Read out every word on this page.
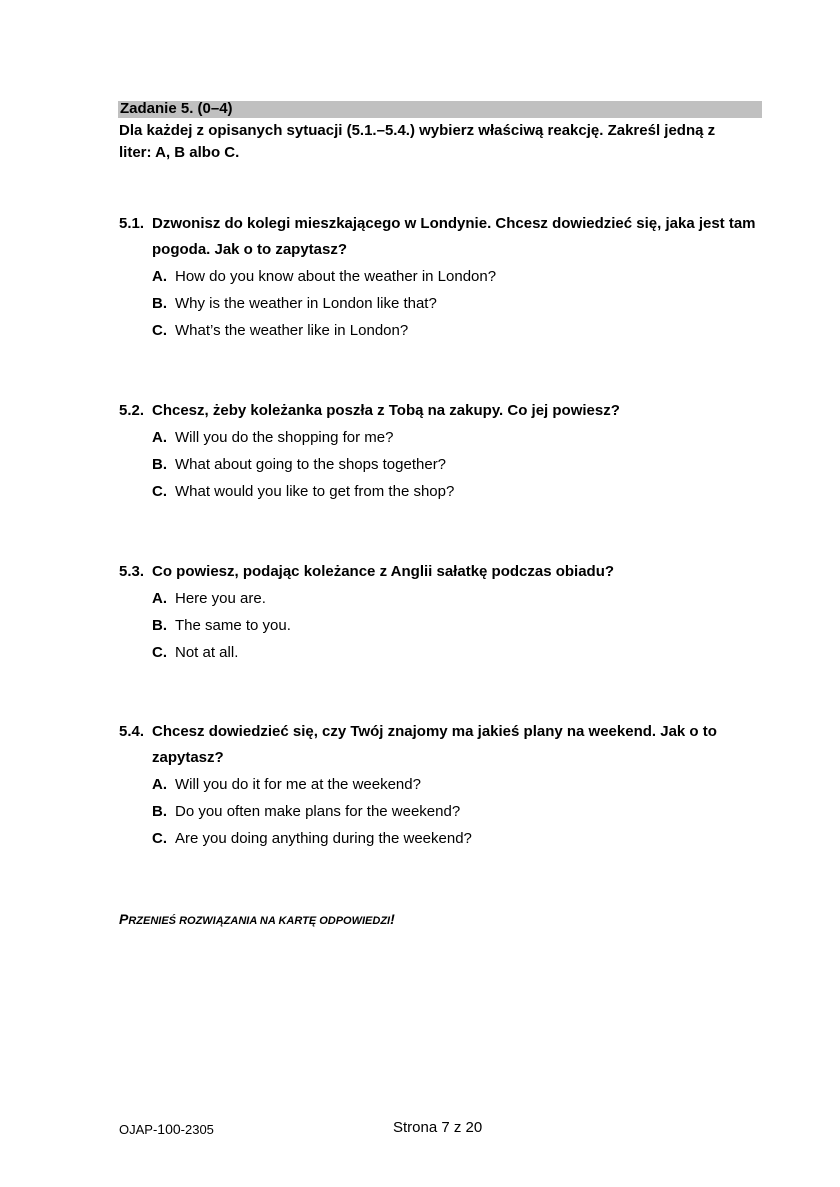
Zadanie 5. (0–4)
Dla każdej z opisanych sytuacji (5.1.–5.4.) wybierz właściwą reakcję. Zakreśl jedną z liter: A, B albo C.
5.1. Dzwonisz do kolegi mieszkającego w Londynie. Chcesz dowiedzieć się, jaka jest tam pogoda. Jak o to zapytasz?
A. How do you know about the weather in London?
B. Why is the weather in London like that?
C. What’s the weather like in London?
5.2. Chcesz, żeby koleżanka poszła z Tobą na zakupy. Co jej powiesz?
A. Will you do the shopping for me?
B. What about going to the shops together?
C. What would you like to get from the shop?
5.3. Co powiesz, podając koleżance z Anglii sałatkę podczas obiadu?
A. Here you are.
B. The same to you.
C. Not at all.
5.4. Chcesz dowiedzieć się, czy Twój znajomy ma jakieś plany na weekend. Jak o to zapytasz?
A. Will you do it for me at the weekend?
B. Do you often make plans for the weekend?
C. Are you doing anything during the weekend?
PRZENIEŚ ROZWIĄZANIA NA KARTĘ ODPOWIEDZI!
OJAP-100-2305	Strona 7 z 20
